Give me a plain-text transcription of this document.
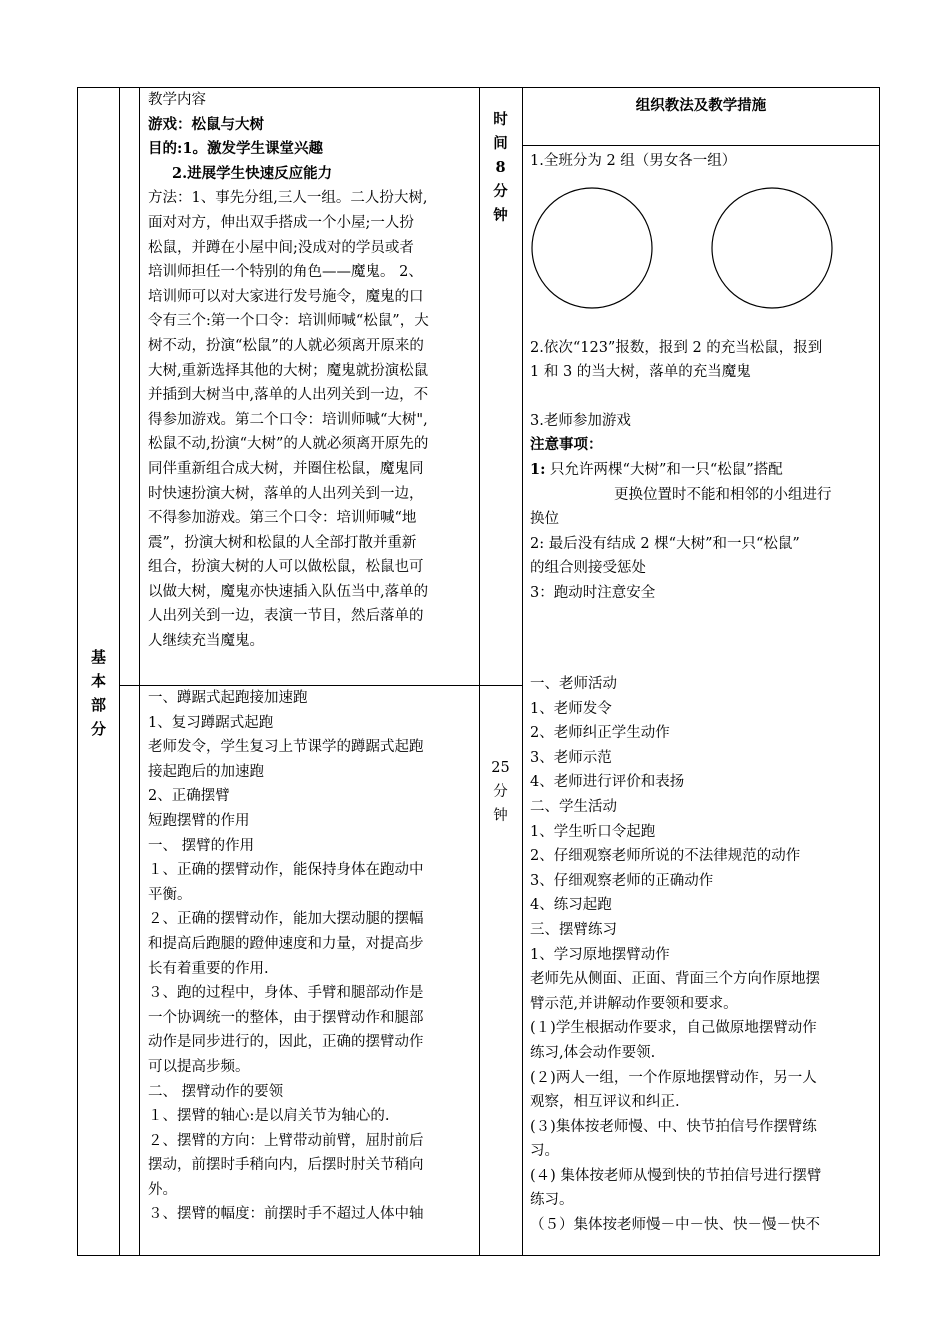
基
本
部
分

教学内容

游戏：松鼠与大树

目的:1。激发学生课堂兴趣

2.进展学生快速反应能力

方法：1、事先分组,三人一组。二人扮大树,

面对对方，伸出双手搭成一个小屋;一人扮

松鼠，并蹲在小屋中间;没成对的学员或者

培训师担任一个特别的角色——魔鬼。 2、

培训师可以对大家进行发号施令，魔鬼的口

令有三个:第一个口令：培训师喊“松鼠”，大

树不动，扮演“松鼠”的人就必须离开原来的

大树,重新选择其他的大树；魔鬼就扮演松鼠

并插到大树当中,落单的人出列关到一边，不

得参加游戏。第二个口令：培训师喊“大树",

松鼠不动,扮演“大树”的人就必须离开原先的

同伴重新组合成大树，并圈住松鼠，魔鬼同

时快速扮演大树，落单的人出列关到一边，

不得参加游戏。第三个口令：培训师喊“地

震”，扮演大树和松鼠的人全部打散并重新

组合，扮演大树的人可以做松鼠，松鼠也可

以做大树，魔鬼亦快速插入队伍当中,落单的

人出列关到一边，表演一节目，然后落单的

人继续充当魔鬼。

时
间
8
分
钟
组织教法及教学措施

1.全班分为 2 组（男女各一组）

2.依次“123”报数，报到 2 的充当松鼠，报到

1 和 3 的当大树，落单的充当魔鬼

3.老师参加游戏

注意事项：

1: 只允许两棵“大树”和一只“松鼠”搭配

更换位置时不能和相邻的小组进行

换位

2: 最后没有结成 2 棵“大树”和一只“松鼠”

的组合则接受惩处

3：跑动时注意安全

一、蹲踞式起跑接加速跑

1、复习蹲踞式起跑

老师发令，学生复习上节课学的蹲踞式起跑

接起跑后的加速跑

2、正确摆臂

短跑摆臂的作用

一、 摆臂的作用

１、正确的摆臂动作，能保持身体在跑动中

平衡。

２、正确的摆臂动作，能加大摆动腿的摆幅

和提高后跑腿的蹬伸速度和力量，对提高步

长有着重要的作用.

３、跑的过程中，身体、手臂和腿部动作是

一个协调统一的整体，由于摆臂动作和腿部

动作是同步进行的，因此，正确的摆臂动作

可以提高步频。

二、 摆臂动作的要领

１、摆臂的轴心:是以肩关节为轴心的.

２、摆臂的方向：上臂带动前臂，屈肘前后

摆动，前摆时手稍向内，后摆时肘关节稍向

外。

３、摆臂的幅度：前摆时手不超过人体中轴

25
分
钟

一、老师活动

1、老师发令

2、老师纠正学生动作

3、老师示范

4、老师进行评价和表扬

二、学生活动

1、学生听口令起跑

2、仔细观察老师所说的不法律规范的动作

3、仔细观察老师的正确动作

4、练习起跑

三、摆臂练习

1、学习原地摆臂动作

老师先从侧面、正面、背面三个方向作原地摆

臂示范,并讲解动作要领和要求。

(１)学生根据动作要求，自己做原地摆臂动作

练习,体会动作要领.

(２)两人一组，一个作原地摆臂动作，另一人

观察，相互评议和纠正.

(３)集体按老师慢、中、快节拍信号作摆臂练

习。

(４) 集体按老师从慢到快的节拍信号进行摆臂

练习。

（５）集体按老师慢－中－快、快－慢－快不
